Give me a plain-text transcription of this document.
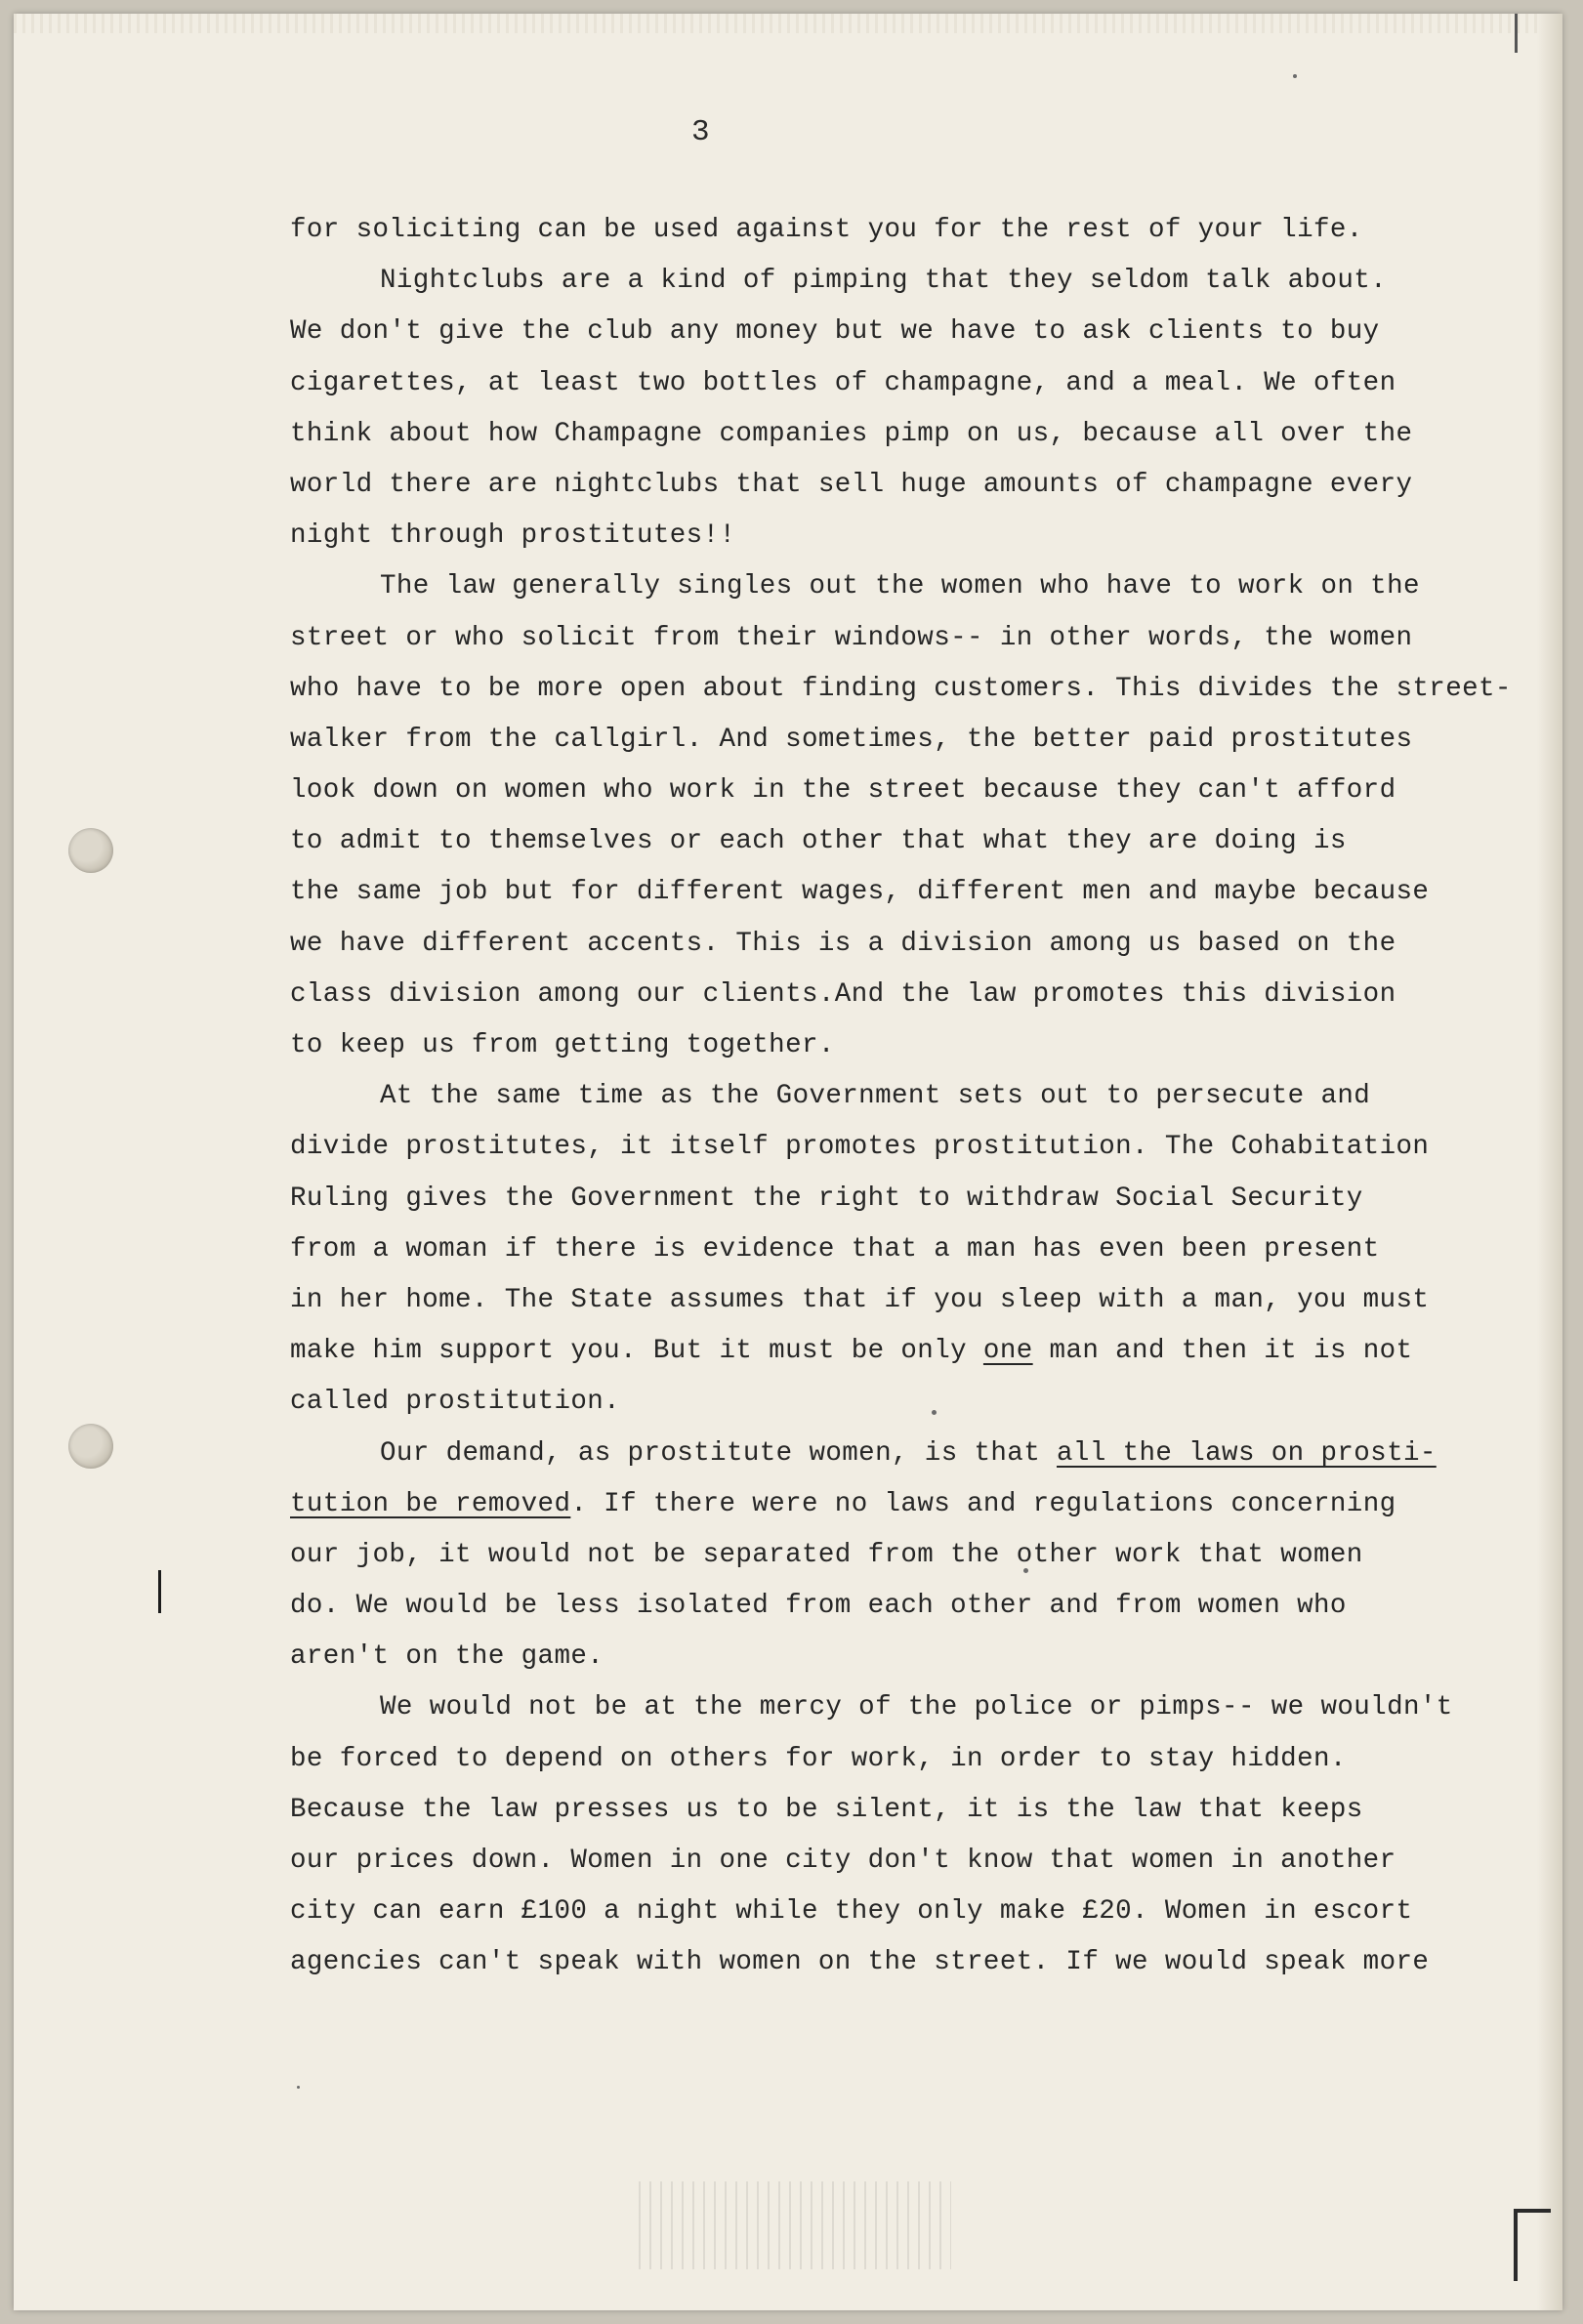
3

for soliciting can be used against you for the rest of your life.

Nightclubs are a kind of pimping that they seldom talk about.

We don't give the club any money but we have to ask clients to buy

cigarettes, at least two bottles of champagne, and a meal. We often

think about how Champagne companies pimp on us, because all over the

world there are nightclubs that sell huge amounts of champagne every

night through prostitutes!!

The law generally singles out the women who have to work on the

street or who solicit from their windows-- in other words, the women

who have to be more open about finding customers. This divides the street-

walker from the callgirl. And sometimes, the better paid prostitutes

look down on women who work in the street because they can't afford

to admit to themselves or each other that what they are doing is

the same job but for different wages, different men and maybe because

we have different accents. This is a division among us based on the

class division among our clients.And the law promotes this division

to keep us from getting together.

At the same time as the Government sets out to persecute and

divide prostitutes, it itself promotes prostitution. The Cohabitation

Ruling gives the Government the right to withdraw Social Security

from a woman if there is evidence that a man has even been present

in her home. The State assumes that if you sleep with a man, you must

make him support you. But it must be only one man and then it is not

called prostitution.

Our demand, as prostitute women, is that all the laws on prosti-

tution be removed. If there were no laws and regulations concerning

our job, it would not be separated from the other work that women

do. We would be less isolated from each other and from women who

aren't on the game.

We would not be at the mercy of the police or pimps-- we wouldn't

be forced to depend on others for work, in order to stay hidden.

Because the law presses us to be silent, it is the law that keeps

our prices down. Women in one city don't know that women in another

city can earn £100 a night while they only make £20. Women in escort

agencies can't speak with women on the street. If we would speak more
